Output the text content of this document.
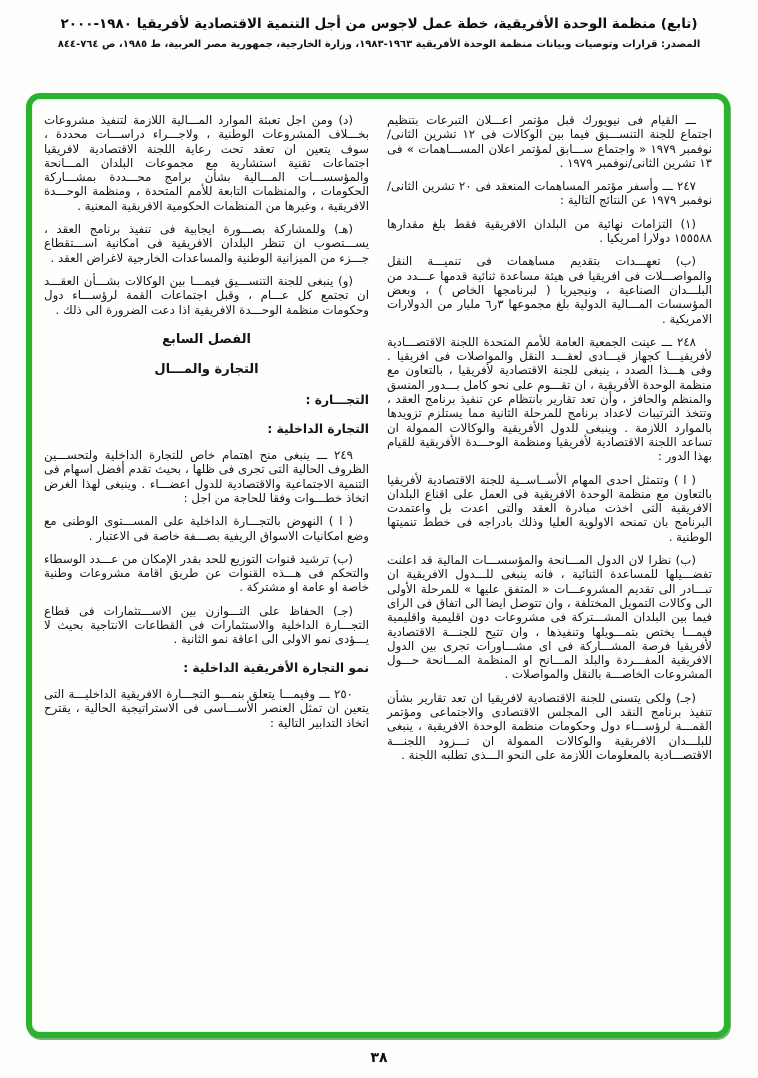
(تابع) منظمة الوحدة الأفريقية، خطة عمل لاجوس من أجل التنمية الاقتصادية لأفريقيا ١٩٨٠-٢٠٠٠
المصدر: قرارات وتوصيات وبيانات منظمة الوحدة الأفريقية ١٩٦٣-١٩٨٣، وزارة الخارجية، جمهورية مصر العربية، ط ١٩٨٥، ص ٧٦٤-٨٤٤

ـــ القيام فى نيويورك قبل مؤتمر اعـــلان التبرعات بتنظيم اجتماع للجنة التنســـيق فيما بين الوكالات فى ١٢ تشرين الثانى/نوفمبر ١٩٧٩ « واجتماع ســـابق لمؤتمر اعلان المســـاهمات » فى ١٣ تشرين الثانى/نوفمبر ١٩٧٩ .

٢٤٧ ـــ وأسفر مؤتمر المساهمات المنعقد فى ٢٠ تشرين الثانى/نوفمبر ١٩٧٩ عن النتائج التالية :

(١) التزامات نهائية من البلدان الافريقية فقط بلغ مقدارها ١٥٥٥٨٨ دولارا امريكيا .

(ب) تعهـــدات بتقديم مساهمات فى تنميـــة النقل والمواصـــلات فى افريقيا فى هيئة مساعدة ثنائية قدمها عـــدد من البلـــدان الصناعية ، ونيجيريا ( لبرنامجها الخاص ) ، وبعض المؤسسات المـــالية الدولية بلغ مجموعها ٣ر٦ مليار من الدولارات الامريكية .

٢٤٨ ـــ عينت الجمعية العامة للأمم المتحدة اللجنة الاقتصـــادية لأفريقيـــا كجهاز قيـــادى لعقـــد النقل والمواصلات فى افريقيا . وفى هـــذا الصدد ، ينبغى للجنة الاقتصادية لأفريقيا ، بالتعاون مع منظمة الوحدة الأفريقية ، ان تقـــوم على نحو كامل بـــدور المنسق والمنظم والحافز ، وأن تعد تقارير بانتظام عن تنفيذ برنامج العقد ، وتتخذ الترتيبات لاعداد برنامج للمرحلة الثانية مما يستلزم تزويدها بالموارد اللازمة . وينبغى للدول الأفريقية والوكالات الممولة ان تساعد اللجنة الاقتصادية لأفريقيا ومنظمة الوحـــدة الأفريقية للقيام بهذا الدور :

( ا ) وتتمثل احدى المهام الأســاســية للجنة الاقتصادية لأفريقيا بالتعاون مع منظمة الوحدة الافريقية فى العمل على اقناع البلدان الافريقية التى اخذت مبادرة العقد والتى اعدت بل واعتمدت البرنامج بان تمنحه الاولوية العليا وذلك بادراجه فى خطط تنميتها الوطنية .

(ب) نظرا لان الدول المـــانحة والمؤسســـات المالية قد اعلنت تفضـــيلها للمساعدة الثنائية ، فانه ينبغى للـــدول الافريقية ان تبـــادر الى تقديم المشروعـــات « المتفق عليها » للمرحلة الأولى الى وكالات التمويل المختلفة ، وان تتوصل ايضا الى اتفاق فى الراى فيما بين البلدان المشـــتركة فى مشروعات دون اقليمية واقليمية فيمـــا يختص بتمـــويلها وتنفيذها ، وان تتيح للجنـــة الاقتصادية لأفريقيا فرصة المشـــاركة فى اى مشـــاورات تجرى بين الدول الافريقية المفـــردة والبلد المـــانح او المنظمة المـــانحة حـــول المشروعات الخاصـــة بالنقل والمواصلات .

(جـ) ولكى يتسنى للجنة الاقتصادية لافريقيا ان تعد تقارير بشأن تنفيذ برنامج النقد الى المجلس الاقتصادى والاجتماعى ومؤتمر القمـــة لرؤســـاء دول وحكومات منظمة الوحدة الافريقية ، ينبغى للبلـــدان الافريقية والوكالات الممولة ان تـــزود اللجنـــة الاقتصـــادية بالمعلومات اللازمة على النحو الـــذى تطلبه اللجنة .

(د) ومن اجل تعبئة الموارد المـــالية اللازمة لتنفيذ مشروعات بخـــلاف المشروعات الوطنية ، ولاجـــراء دراســـات محددة ، سوف يتعين ان تعقد تحت رعاية اللجنة الاقتصادية لافريقيا اجتماعات تقنية استشارية مع مجموعات البلدان المـــانحة والمؤسســـات المـــالية بشأن برامج محـــددة بمشـــاركة الحكومات ، والمنظمات التابعة للأمم المتحدة ، ومنظمة الوحـــدة الافريقية ، وغيرها من المنظمات الحكومية الافريقية المعنية .

(هـ) وللمشاركة بصـــورة ايجابية فى تنفيذ برنامج العقد ، يســـتصوب ان تنظر البلدان الافريقية فى امكانية اســـتقطاع جـــزء من الميزانية الوطنية والمساعدات الخارجية لاغراض العقد .

(و) ينبغى للجنة التنســـيق فيمـــا بين الوكالات بشـــأن العقـــد ان تجتمع كل عـــام ، وقبل اجتماعات القمة لرؤســـاء دول وحكومات منظمة الوحـــدة الافريقية اذا دعت الضرورة الى ذلك .

الفصل السابع
التجارة والمـــال
التجـــارة :
التجارة الداخلية :

٢٤٩ ـــ ينبغى منح اهتمام خاص للتجارة الداخلية ولتحســـين الظروف الحالية التى تجرى فى ظلها ، بحيث تقدم أفضل اسهام فى التنمية الاجتماعية والاقتصادية للدول اعضـــاء . وينبغى لهذا الغرض اتخاذ خطـــوات وفقا للحاجة من اجل :

( ا ) النهوض بالتجـــارة الداخلية على المســـتوى الوطنى مع وضع امكانيات الاسواق الريفية بصـــفة خاصة فى الاعتبار .

(ب) ترشيد قنوات التوزيع للحد بقدر الإمكان من عـــدد الوسطاء والتحكم فى هـــذه القنوات عن طريق اقامة مشروعات وطنية خاصة او عامة او مشتركة .

(جـ) الحفاظ على التـــوازن بين الاســـتثمارات فى قطاع التجـــارة الداخلية والاستثمارات فى القطاعات الانتاجية بحيث لا يـــؤدى نمو الاولى الى اعاقة نمو الثانية .

نمو التجارة الأفريقية الداخلية :

٢٥٠ ـــ وفيمـــا يتعلق بنمـــو التجـــارة الافريقية الداخليـــة التى يتعين ان تمثل العنصر الأســـاسى فى الاستراتيجية الحالية ، يقترح اتخاذ التدابير التالية :

٣٨
